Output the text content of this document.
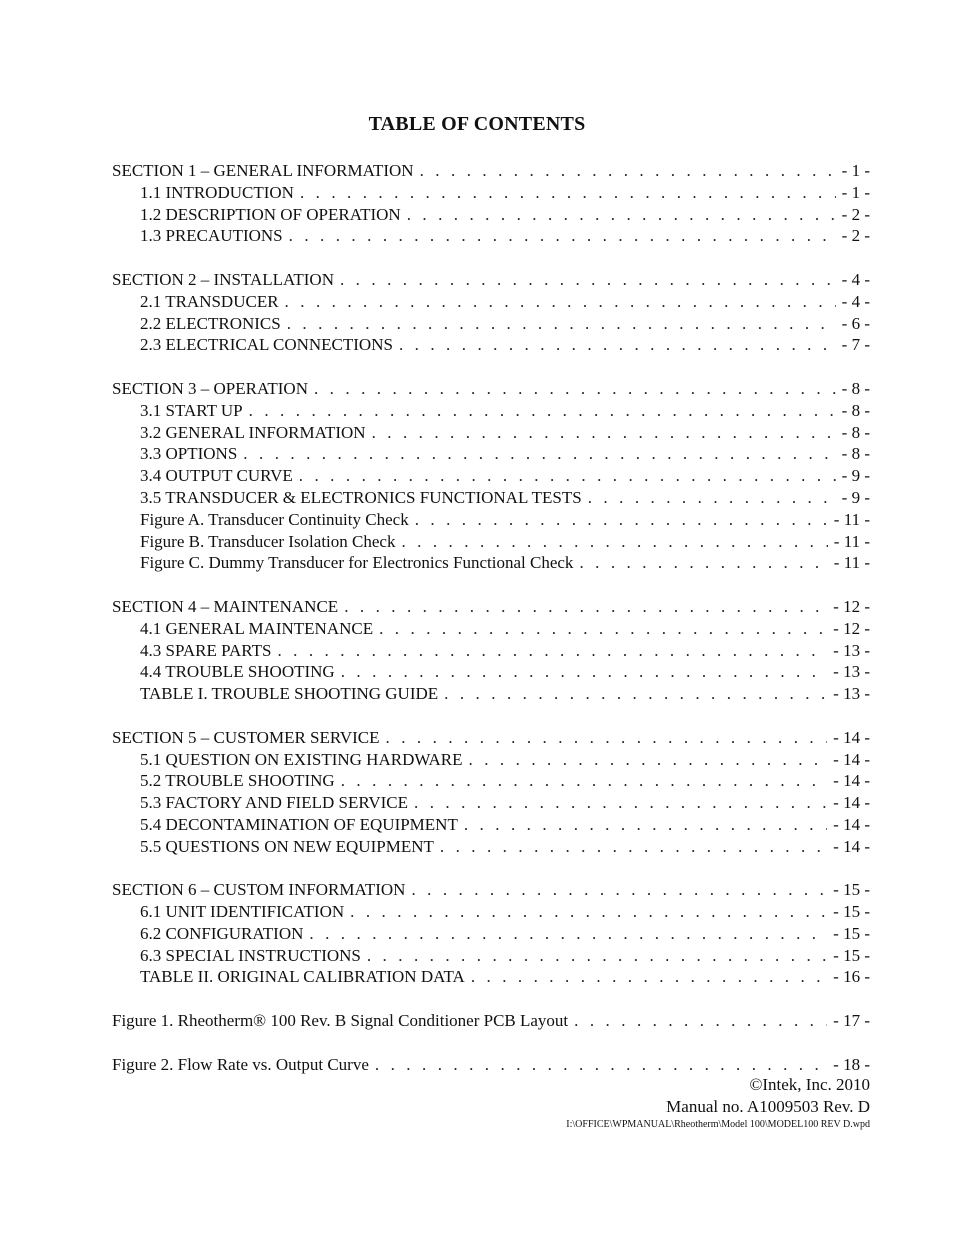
TABLE OF CONTENTS
SECTION 1 – GENERAL INFORMATION . . .	- 1 -
1.1 INTRODUCTION . . .	- 1 -
1.2 DESCRIPTION OF OPERATION . . .	- 2 -
1.3 PRECAUTIONS . . .	- 2 -
SECTION 2 – INSTALLATION . . .	- 4 -
2.1 TRANSDUCER . . .	- 4 -
2.2 ELECTRONICS . . .	- 6 -
2.3 ELECTRICAL CONNECTIONS . . .	- 7 -
SECTION 3 – OPERATION . . .	- 8 -
3.1 START UP . . .	- 8 -
3.2 GENERAL INFORMATION . . .	- 8 -
3.3 OPTIONS . . .	- 8 -
3.4 OUTPUT CURVE . . .	- 9 -
3.5 TRANSDUCER & ELECTRONICS FUNCTIONAL TESTS . . .	- 9 -
Figure A. Transducer Continuity Check . . .	- 11 -
Figure B. Transducer Isolation Check . . .	- 11 -
Figure C. Dummy Transducer for Electronics Functional Check . . .	- 11 -
SECTION 4 – MAINTENANCE . . .	- 12 -
4.1 GENERAL MAINTENANCE . . .	- 12 -
4.3 SPARE PARTS . . .	- 13 -
4.4 TROUBLE SHOOTING . . .	- 13 -
TABLE I. TROUBLE SHOOTING GUIDE . . .	- 13 -
SECTION 5 – CUSTOMER SERVICE . . .	- 14 -
5.1 QUESTION ON EXISTING HARDWARE . . .	- 14 -
5.2 TROUBLE SHOOTING . . .	- 14 -
5.3 FACTORY AND FIELD SERVICE . . .	- 14 -
5.4 DECONTAMINATION OF EQUIPMENT . . .	- 14 -
5.5 QUESTIONS ON NEW EQUIPMENT . . .	- 14 -
SECTION 6 – CUSTOM INFORMATION . . .	- 15 -
6.1 UNIT IDENTIFICATION . . .	- 15 -
6.2 CONFIGURATION . . .	- 15 -
6.3 SPECIAL INSTRUCTIONS . . .	- 15 -
TABLE II. ORIGINAL CALIBRATION DATA . . .	- 16 -
Figure 1. Rheotherm® 100 Rev. B Signal Conditioner PCB Layout . . .	- 17 -
Figure 2. Flow Rate vs. Output Curve . . .	- 18 -
©Intek, Inc. 2010
Manual no. A1009503 Rev. D
I:\OFFICE\WPMANUAL\Rheotherm\Model 100\MODEL100 REV D.wpd
